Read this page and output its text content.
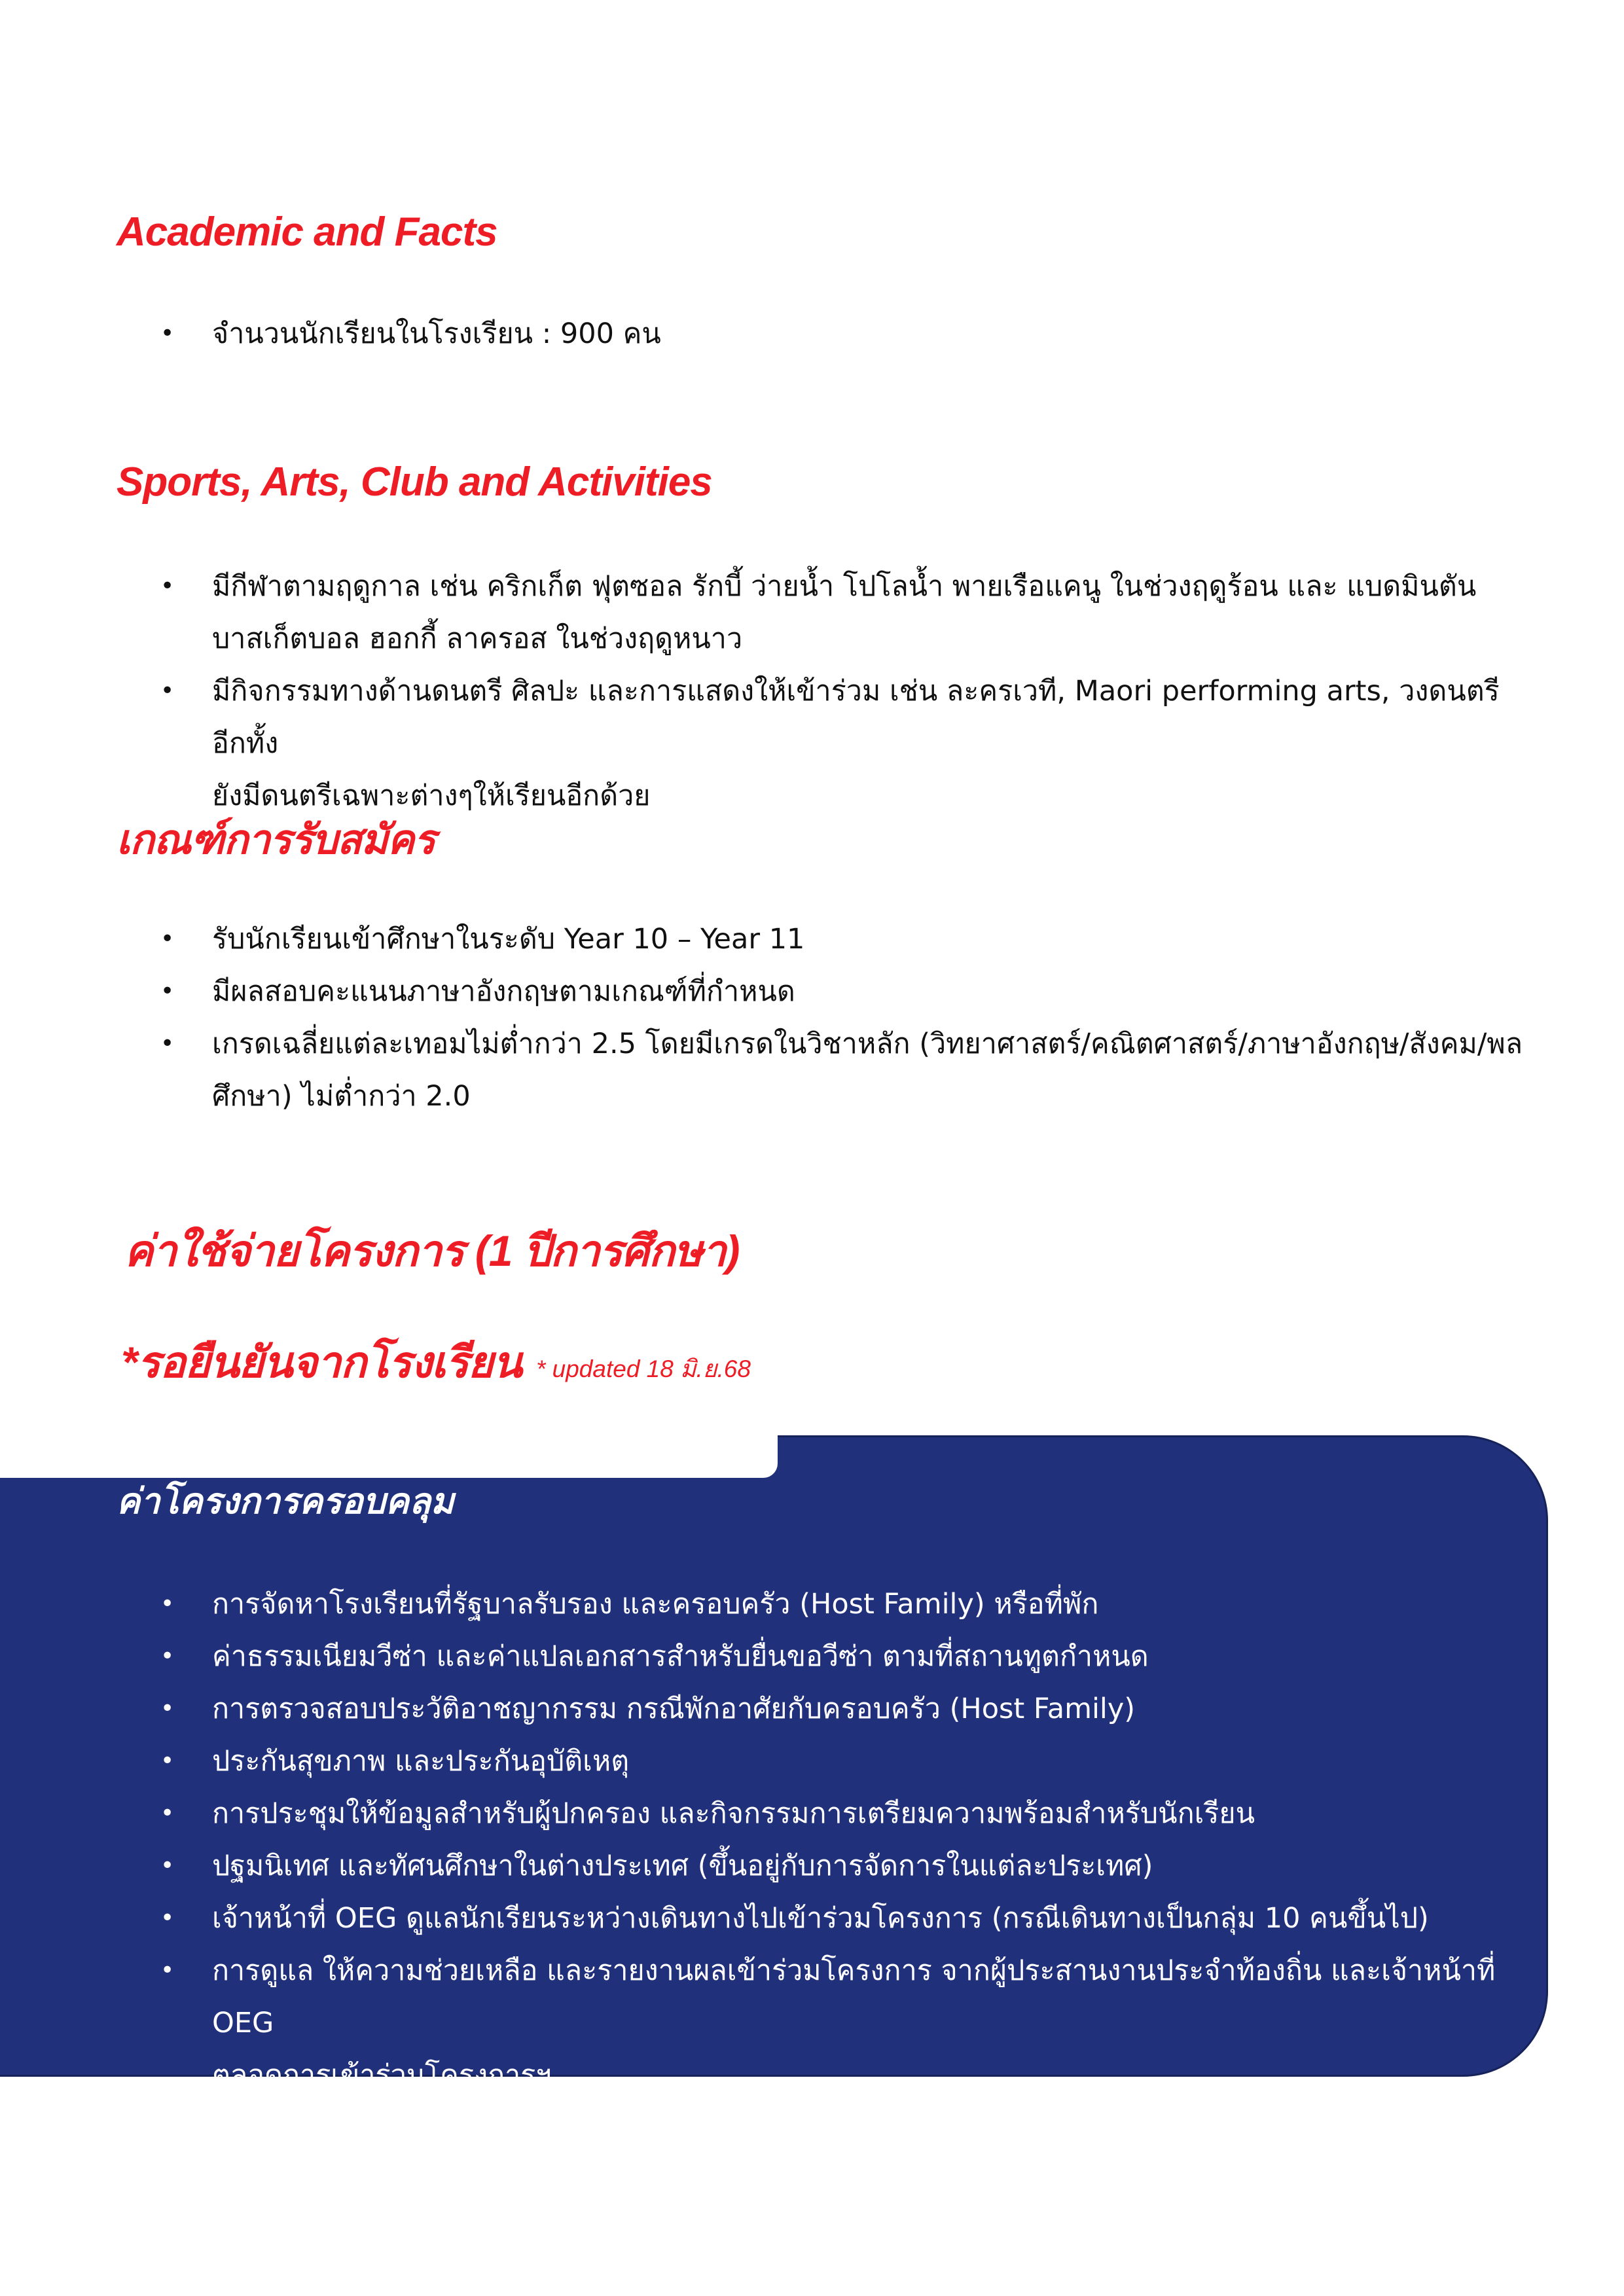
Academic and Facts
• จำนวนนักเรียนในโรงเรียน : 900 คน
Sports, Arts, Club and Activities
• มีกีฬาตามฤดูกาล เช่น คริกเก็ต ฟุตซอล รักบี้ ว่ายน้ำ โปโลน้ำ พายเรือแคนู ในช่วงฤดูร้อน และ แบดมินตัน
บาสเก็ตบอล ฮอกกี้ ลาครอส ในช่วงฤดูหนาว
• มีกิจกรรมทางด้านดนตรี ศิลปะ และการแสดงให้เข้าร่วม เช่น ละครเวที, Maori performing arts, วงดนตรี อีกทั้ง
ยังมีดนตรีเฉพาะต่างๆให้เรียนอีกด้วย
เกณฑ์การรับสมัคร
• รับนักเรียนเข้าศึกษาในระดับ Year 10 – Year 11
• มีผลสอบคะแนนภาษาอังกฤษตามเกณฑ์ที่กำหนด
• เกรดเฉลี่ยแต่ละเทอมไม่ต่ำกว่า 2.5 โดยมีเกรดในวิชาหลัก (วิทยาศาสตร์/คณิตศาสตร์/ภาษาอังกฤษ/สังคม/พล
ศึกษา) ไม่ต่ำกว่า 2.0
ค่าใช้จ่ายโครงการ (1 ปีการศึกษา)
*รอยืนยันจากโรงเรียน * updated 18 มิ.ย.68
ค่าโครงการครอบคลุม
• การจัดหาโรงเรียนที่รัฐบาลรับรอง และครอบครัว (Host Family) หรือที่พัก
• ค่าธรรมเนียมวีซ่า และค่าแปลเอกสารสำหรับยื่นขอวีซ่า ตามที่สถานทูตกำหนด
• การตรวจสอบประวัติอาชญากรรม กรณีพักอาศัยกับครอบครัว (Host Family)
• ประกันสุขภาพ และประกันอุบัติเหตุ
• การประชุมให้ข้อมูลสำหรับผู้ปกครอง และกิจกรรมการเตรียมความพร้อมสำหรับนักเรียน
• ปฐมนิเทศ และทัศนศึกษาในต่างประเทศ (ขึ้นอยู่กับการจัดการในแต่ละประเทศ)
• เจ้าหน้าที่ OEG ดูแลนักเรียนระหว่างเดินทางไปเข้าร่วมโครงการ (กรณีเดินทางเป็นกลุ่ม 10 คนขึ้นไป)
• การดูแล ให้ความช่วยเหลือ และรายงานผลเข้าร่วมโครงการ จากผู้ประสานงานประจำท้องถิ่น และเจ้าหน้าที่ OEG
ตลอดการเข้าร่วมโครงการฯ
